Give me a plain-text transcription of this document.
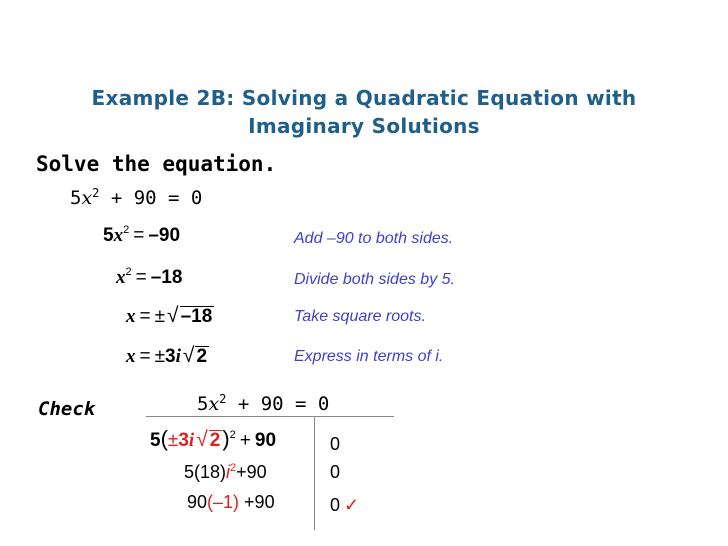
Example 2B: Solving a Quadratic Equation with
Imaginary Solutions
Solve the equation.
$5x^2 + 90 = 0$
$5x^2 = -90$	Add –90 to both sides.
$x^2 = -18$	Divide both sides by 5.
x = ±√ –18	Take square roots.
x = ±3i√ 2	Express in terms of i.
Check	$5x^2 + 90 = 0$
5(±3i√ 2)$^2$ + 90	0
$5(18)i^2+90$	0
90(–1) +90	0 ✓
